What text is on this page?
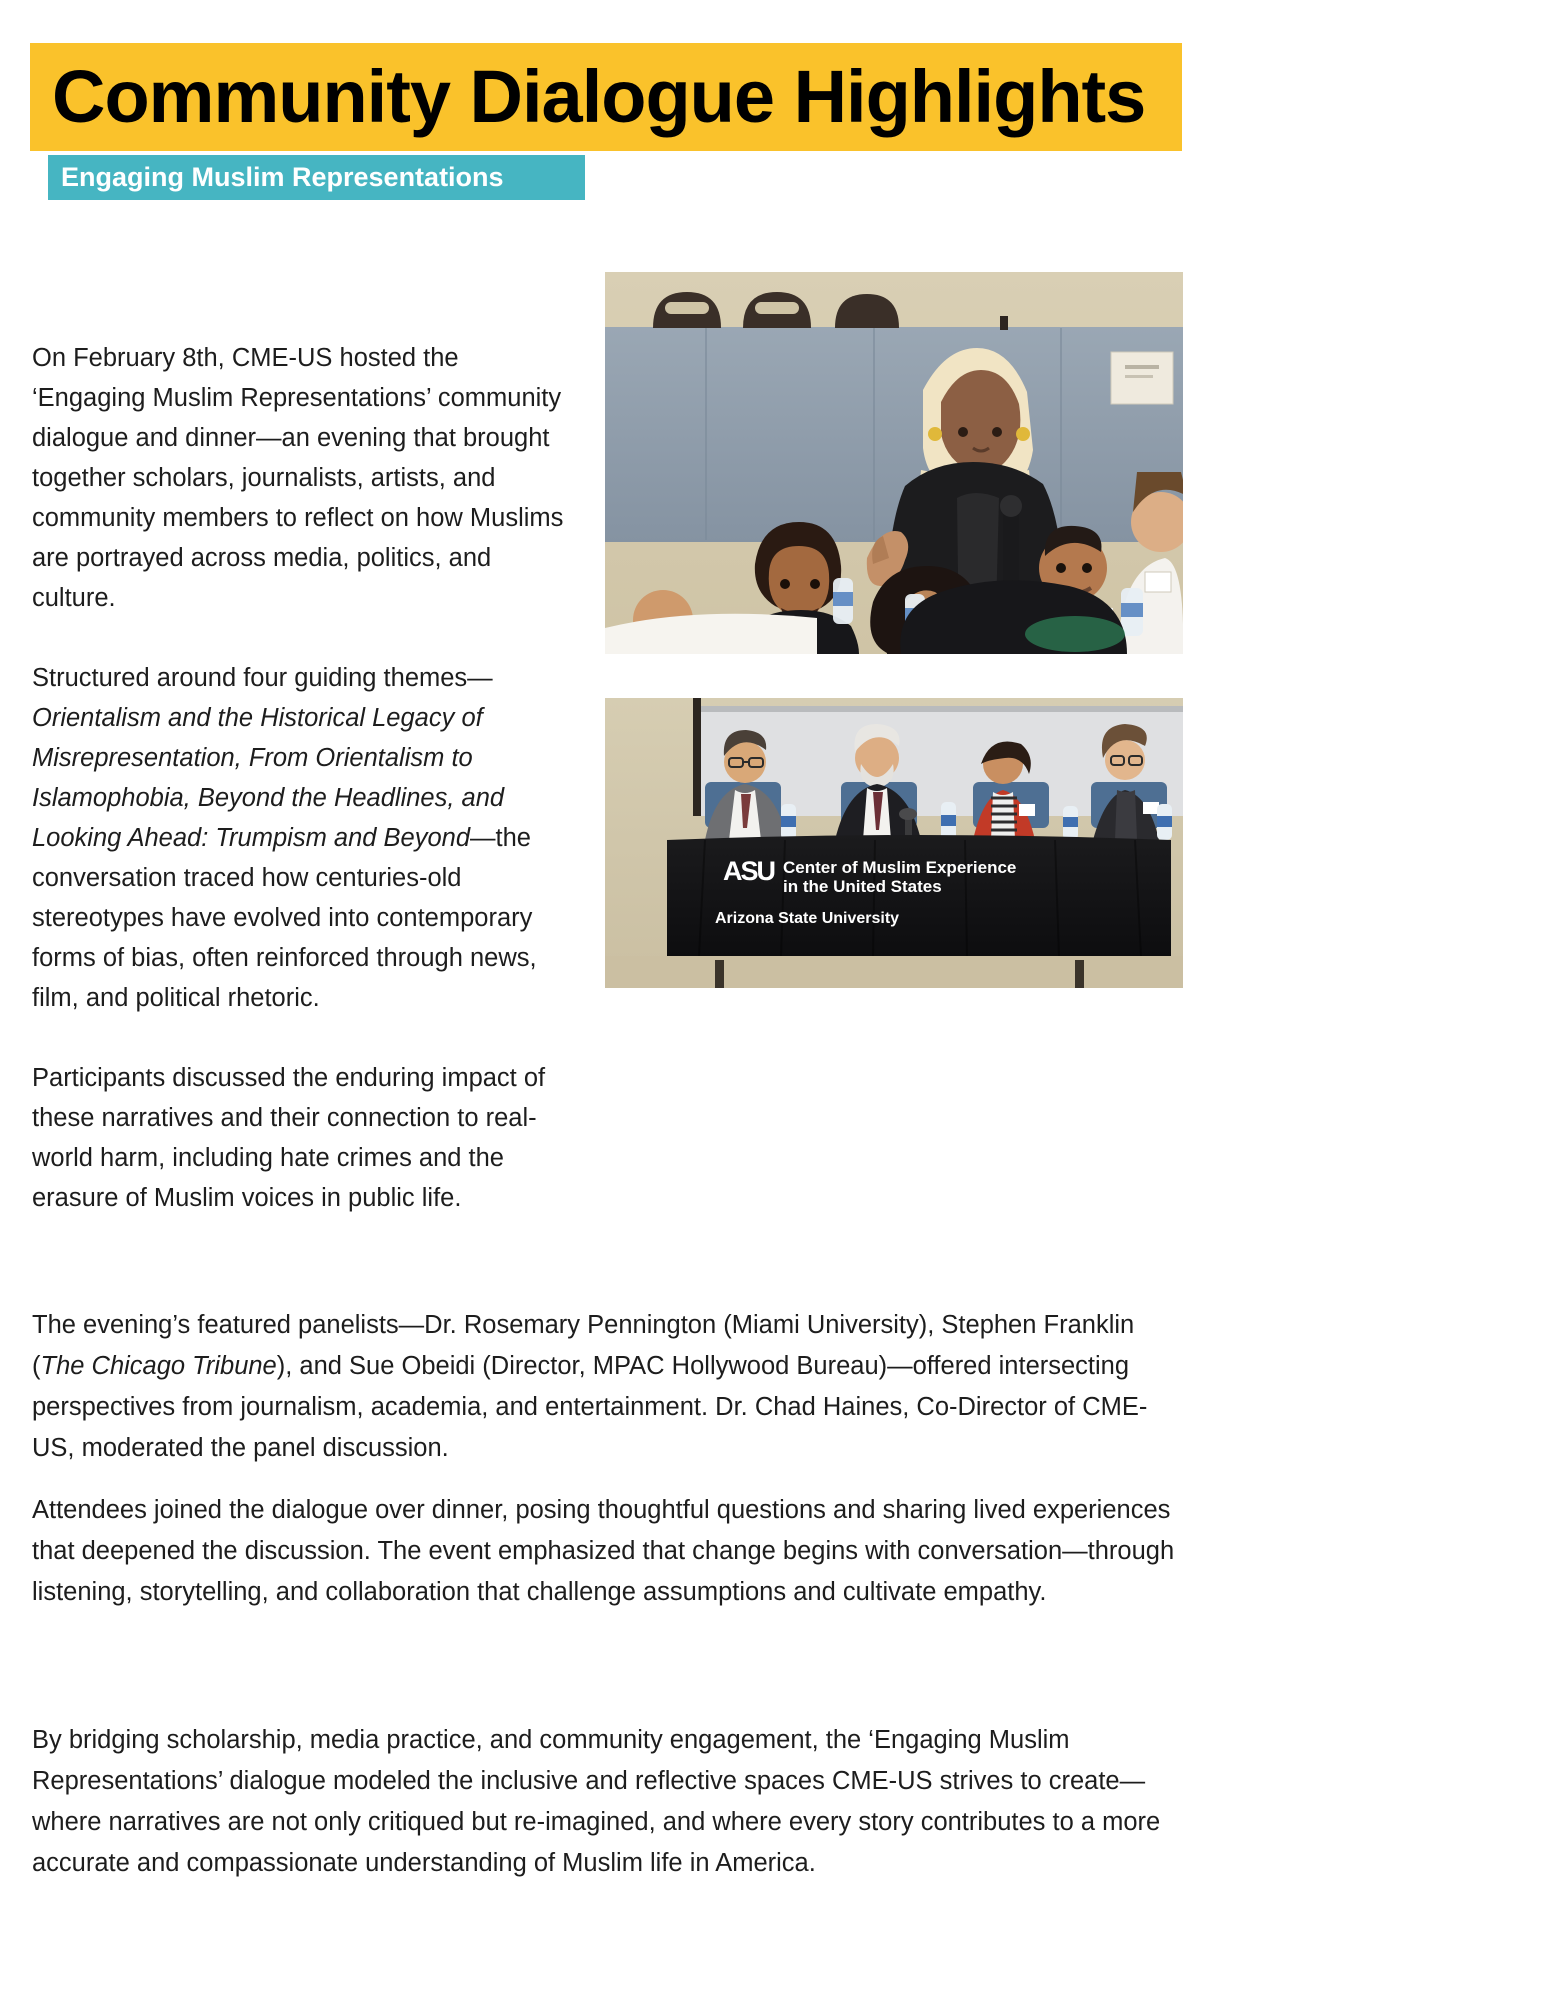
Community Dialogue Highlights
Engaging Muslim Representations

On February 8th, CME-US hosted the ‘Engaging Muslim Representations’ community dialogue and dinner—an evening that brought together scholars, journalists, artists, and community members to reflect on how Muslims are portrayed across media, politics, and culture.

Structured around four guiding themes—Orientalism and the Historical Legacy of Misrepresentation, From Orientalism to Islamophobia, Beyond the Headlines, and Looking Ahead: Trumpism and Beyond—the conversation traced how centuries-old stereotypes have evolved into contemporary forms of bias, often reinforced through news, film, and political rhetoric.

Participants discussed the enduring impact of these narratives and their connection to real-world harm, including hate crimes and the erasure of Muslim voices in public life.

ASU Center of Muslim Experience
in the United States
Arizona State University

The evening’s featured panelists—Dr. Rosemary Pennington (Miami University), Stephen Franklin (The Chicago Tribune), and Sue Obeidi (Director, MPAC Hollywood Bureau)—offered intersecting perspectives from journalism, academia, and entertainment. Dr. Chad Haines, Co-Director of CME-US, moderated the panel discussion.

Attendees joined the dialogue over dinner, posing thoughtful questions and sharing lived experiences that deepened the discussion. The event emphasized that change begins with conversation—through listening, storytelling, and collaboration that challenge assumptions and cultivate empathy.

By bridging scholarship, media practice, and community engagement, the ‘Engaging Muslim Representations’ dialogue modeled the inclusive and reflective spaces CME-US strives to create—where narratives are not only critiqued but re-imagined, and where every story contributes to a more accurate and compassionate understanding of Muslim life in America.
